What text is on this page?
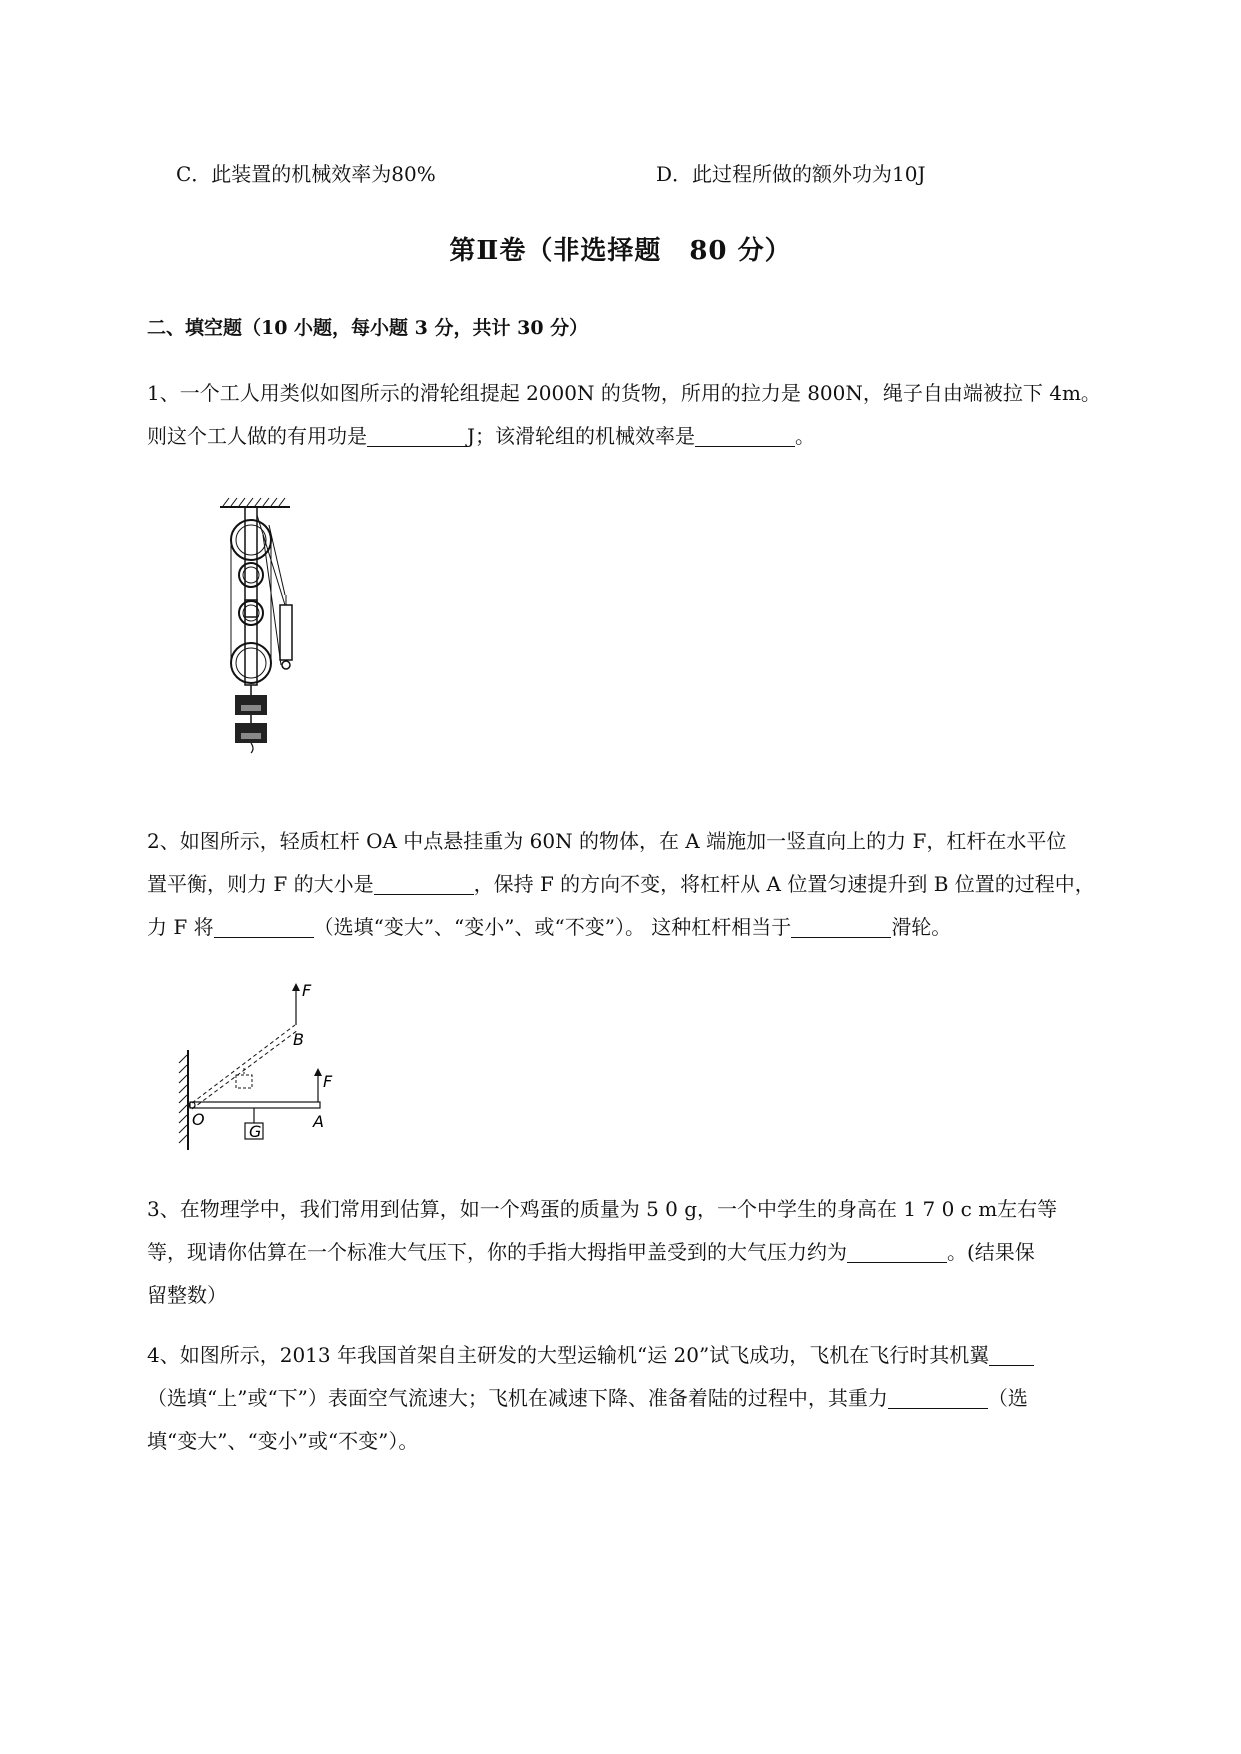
C．此装置的机械效率为80%	D．此过程所做的额外功为10J
第Ⅱ卷（非选择题 80 分）
二、填空题（10 小题，每小题 3 分，共计 30 分）
1、一个工人用类似如图所示的滑轮组提起 2000N 的货物，所用的拉力是 800N，绳子自由端被拉下 4m。
则这个工人做的有用功是	J；该滑轮组的机械效率是	。
2、如图所示，轻质杠杆 OA 中点悬挂重为 60N 的物体，在 A 端施加一竖直向上的力 F，杠杆在水平位
置平衡，则力 F 的大小是	，保持 F 的方向不变，将杠杆从 A 位置匀速提升到 B 位置的过程中，
力 F 将	（选填“变大”、“变小”、或“不变”）。 这种杠杆相当于	滑轮。
F
B
F
O
G
A
3、在物理学中，我们常用到估算，如一个鸡蛋的质量为 5 0 g，一个中学生的身高在 1 7 0 c m左右等
等，现请你估算在一个标准大气压下，你的手指大拇指甲盖受到的大气压力约为	。(结果保
留整数）
4、如图所示，2013 年我国首架自主研发的大型运输机“运 20”试飞成功，飞机在飞行时其机翼
（选填“上”或“下”）表面空气流速大；飞机在减速下降、准备着陆的过程中，其重力	（选
填“变大”、“变小”或“不变”）。
